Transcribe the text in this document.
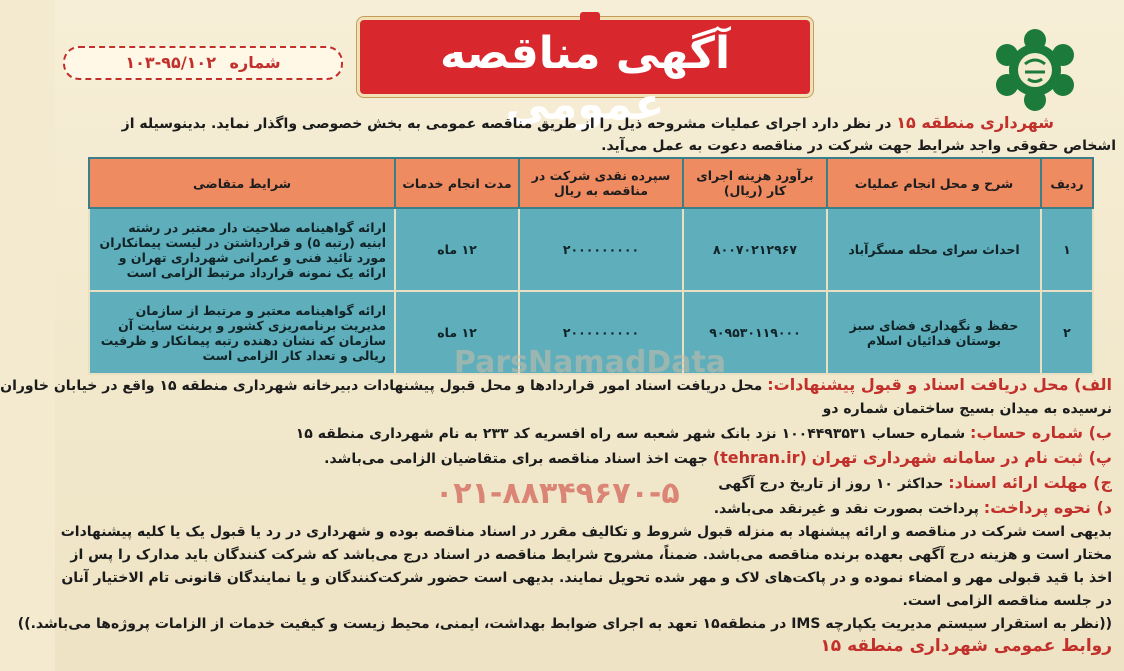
آگهی مناقصه عمومی
شماره ۹۵/۱۰۲-۱۰۳
شهرداری منطقه ۱۵ در نظر دارد اجرای عملیات مشروحه ذیل را از طریق مناقصه عمومی به بخش خصوصی واگذار نماید. بدینوسیله از
اشخاص حقوقی واجد شرایط جهت شرکت در مناقصه دعوت به عمل می‌آید.
ردیف	شرح و محل انجام عملیات	برآورد هزینه اجرای کار (ریال)	سپرده نقدی شرکت در مناقصه به ریال	مدت انجام خدمات	شرایط متقاضی
۱	احداث سرای محله مسگرآباد	۸۰۰۷۰۲۱۲۹۶۷	۲۰۰۰۰۰۰۰۰۰	۱۲ ماه	ارائه گواهینامه صلاحیت دار معتبر در رشته ابنیه (رتبه ۵) و قرارداشتن در لیست پیمانکاران مورد تائید فنی و عمرانی شهرداری تهران و ارائه یک نمونه قرارداد مرتبط الزامی است
۲	حفظ و نگهداری فضای سبز بوستان فدائیان اسلام	۹۰۹۵۳۰۱۱۹۰۰۰	۲۰۰۰۰۰۰۰۰۰	۱۲ ماه	ارائه گواهینامه معتبر و مرتبط از سازمان مدیریت برنامه‌ریزی کشور و پرینت سایت آن سازمان که نشان دهنده رتبه پیمانکار و ظرفیت ریالی و تعداد کار الزامی است	ParsNamadData
۰۲۱-۸۸۳۴۹۶۷۰-۵
الف) محل دریافت اسناد و قبول پیشنهادات: محل دریافت اسناد امور قراردادها و محل قبول پیشنهادات دبیرخانه شهرداری منطقه ۱۵ واقع در خیابان خاوران
نرسیده به میدان بسیج ساختمان شماره دو
ب) شماره حساب: شماره حساب ۱۰۰۴۴۹۳۵۳۱ نزد بانک شهر شعبه سه راه افسریه کد ۲۳۳ به نام شهرداری منطقه ۱۵
پ) ثبت نام در سامانه شهرداری تهران (tehran.ir) جهت اخذ اسناد مناقصه برای متقاضیان الزامی می‌باشد.
ج) مهلت ارائه اسناد: حداکثر ۱۰ روز از تاریخ درج آگهی
د) نحوه پرداخت: پرداخت بصورت نقد و غیرنقد می‌باشد.
بدیهی است شرکت در مناقصه و ارائه پیشنهاد به منزله قبول شروط و تکالیف مقرر در اسناد مناقصه بوده و شهرداری در رد یا قبول یک یا کلیه پیشنهادات
مختار است و هزینه درج آگهی بعهده برنده مناقصه می‌باشد. ضمناً، مشروح شرایط مناقصه در اسناد درج می‌باشد که شرکت کنندگان باید مدارک را پس از
اخذ با قید قبولی مهر و امضاء نموده و در پاکت‌های لاک و مهر شده تحویل نمایند. بدیهی است حضور شرکت‌کنندگان و یا نمایندگان قانونی تام الاختیار آنان
در جلسه مناقصه الزامی است.
((نظر به استقرار سیستم مدیریت یکپارچه IMS در منطقه۱۵ تعهد به اجرای ضوابط بهداشت، ایمنی، محیط زیست و کیفیت خدمات از الزامات پروژه‌ها می‌باشد.))
روابط عمومی شهرداری منطقه ۱۵
